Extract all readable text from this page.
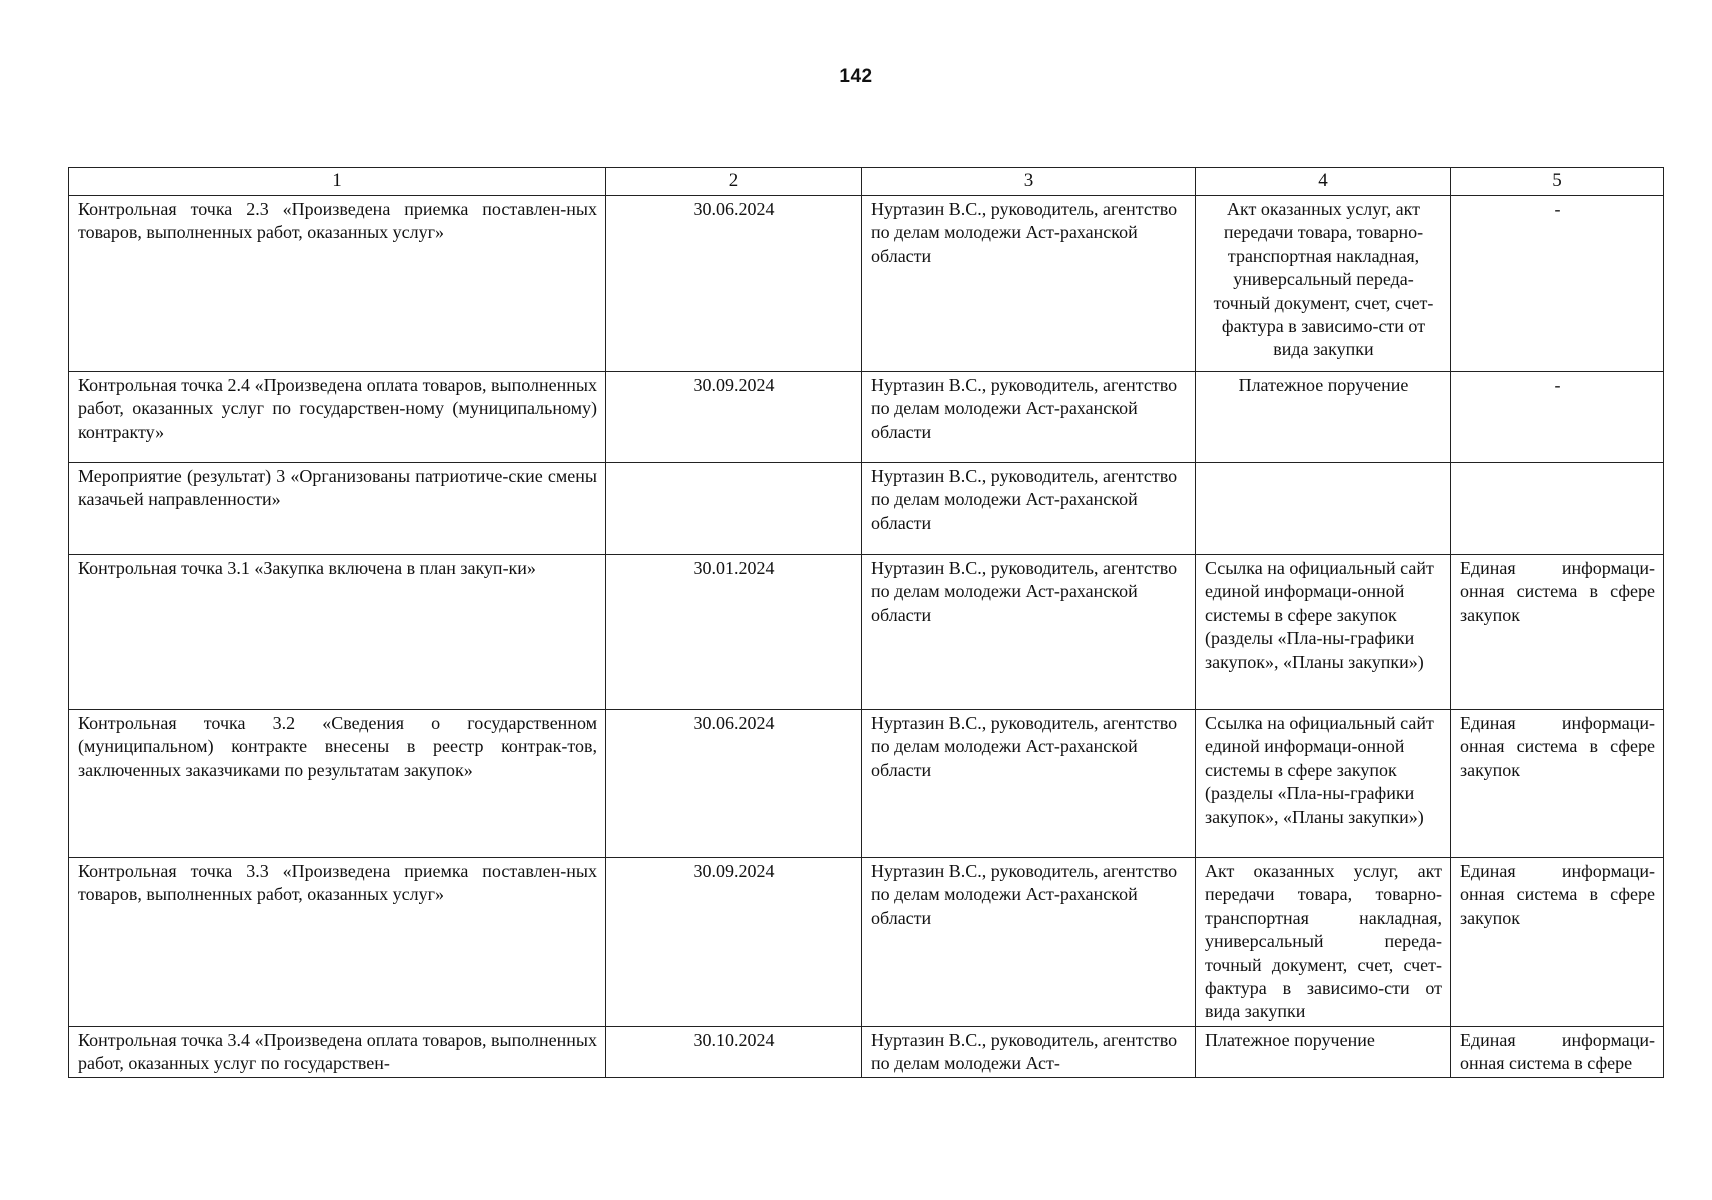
142
1	2	3	4	5
Контрольная точка 2.3 «Произведена приемка поставлен-ных товаров, выполненных работ, оказанных услуг»	30.06.2024	Нуртазин В.С., руководитель, агентство по делам молодежи Аст-раханской области	Акт оказанных услуг, акт передачи товара, товарно-транспортная накладная, универсальный переда-точный документ, счет, счет-фактура в зависимо-сти от вида закупки	-
Контрольная точка 2.4 «Произведена оплата товаров, выполненных работ, оказанных услуг по государствен-ному (муниципальному) контракту»	30.09.2024	Нуртазин В.С., руководитель, агентство по делам молодежи Аст-раханской области	Платежное поручение	-
Мероприятие (результат) 3 «Организованы патриотиче-ские смены казачьей направленности»		Нуртазин В.С., руководитель, агентство по делам молодежи Аст-раханской области		
Контрольная точка 3.1 «Закупка включена в план закуп-ки»	30.01.2024	Нуртазин В.С., руководитель, агентство по делам молодежи Аст-раханской области	Ссылка на официальный сайт единой информаци-онной системы в сфере закупок (разделы «Пла-ны-графики закупок», «Планы закупки»)	Единая информаци-онная система в сфере закупок
Контрольная точка 3.2 «Сведения о государственном (муниципальном) контракте внесены в реестр контрак-тов, заключенных заказчиками по результатам закупок»	30.06.2024	Нуртазин В.С., руководитель, агентство по делам молодежи Аст-раханской области	Ссылка на официальный сайт единой информаци-онной системы в сфере закупок (разделы «Пла-ны-графики закупок», «Планы закупки»)	Единая информаци-онная система в сфере закупок
Контрольная точка 3.3 «Произведена приемка поставлен-ных товаров, выполненных работ, оказанных услуг»	30.09.2024	Нуртазин В.С., руководитель, агентство по делам молодежи Аст-раханской области	Акт оказанных услуг, акт передачи товара, товарно-транспортная накладная, универсальный переда-точный документ, счет, счет-фактура в зависимо-сти от вида закупки	Единая информаци-онная система в сфере закупок

Контрольная точка 3.4 «Произведена оплата товаров, выполненных работ, оказанных услуг по государствен-	30.10.2024	Нуртазин В.С., руководитель, агентство по делам молодежи Аст-	Платежное поручение	Единая информаци-онная система в сфере
